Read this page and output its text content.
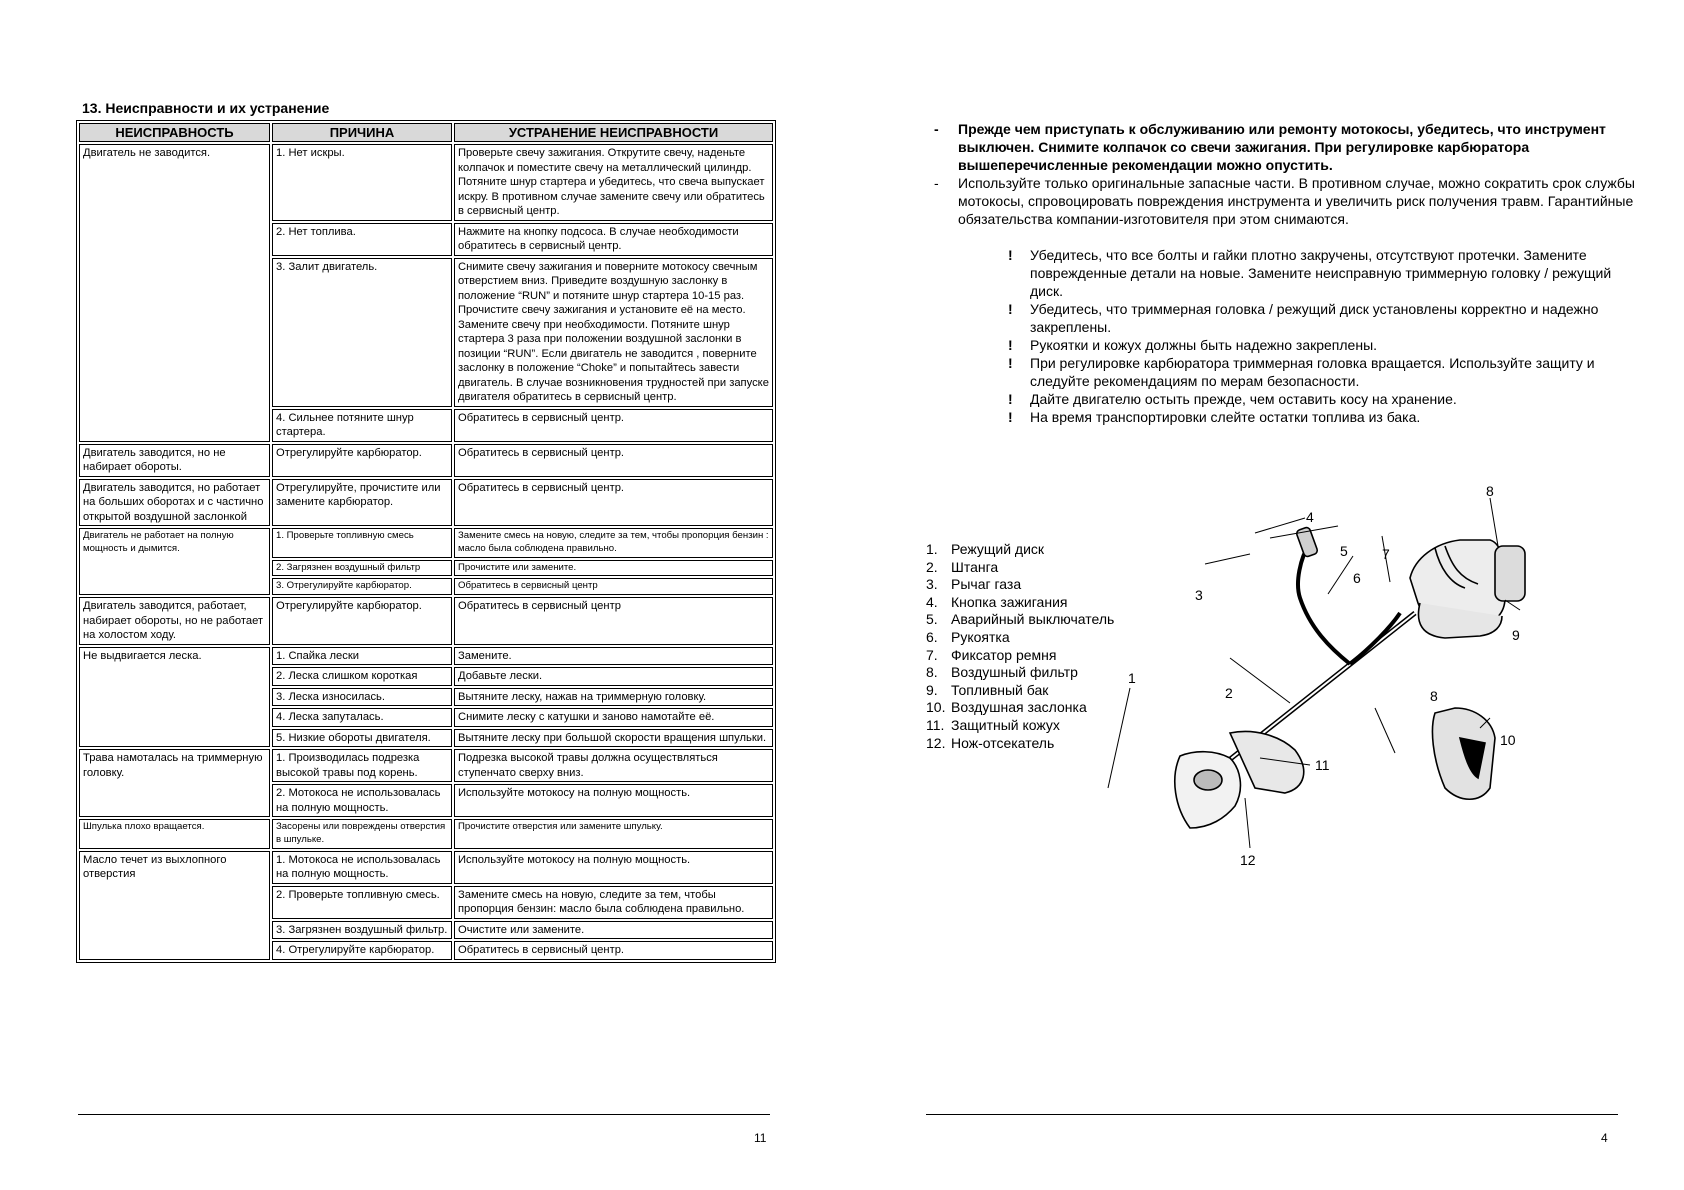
13. Неисправности и их устранение
НЕИСПРАВНОСТЬ	ПРИЧИНА	УСТРАНЕНИЕ НЕИСПРАВНОСТИ
Двигатель не заводится.	1. Нет искры.	Проверьте свечу зажигания. Открутите свечу, наденьте колпачок и поместите свечу на металлический цилиндр. Потяните шнур стартера и убедитесь, что свеча выпускает искру. В противном случае замените свечу или обратитесь в сервисный центр.
	2. Нет топлива.	Нажмите на кнопку подсоса. В случае необходимости обратитесь в сервисный центр.
	3. Залит двигатель.	Снимите свечу зажигания и поверните мотокосу свечным отверстием вниз. Приведите воздушную заслонку в положение “RUN” и потяните шнур стартера 10-15 раз. Прочистите свечу зажигания и установите её на место. Замените свечу при необходимости. Потяните шнур стартера 3 раза при положении воздушной заслонки в позиции “RUN”. Если двигатель не заводится , поверните заслонку в положение “Choke” и попытайтесь завести двигатель. В случае возникновения трудностей при запуске двигателя обратитесь в сервисный центр.
	4. Сильнее потяните шнур стартера.	Обратитесь в сервисный центр.
Двигатель заводится, но не набирает обороты.	Отрегулируйте карбюратор.	Обратитесь в сервисный центр.
Двигатель заводится, но работает на больших оборотах и с частично открытой воздушной заслонкой	Отрегулируйте, прочистите или замените карбюратор.	Обратитесь в сервисный центр.
Двигатель не работает на полную мощность и дымится.	1. Проверьте топливную смесь	Замените смесь на новую, следите за тем, чтобы пропорция бензин : масло была соблюдена правильно.
	2. Загрязнен воздушный фильтр	Прочистите или замените.
	3. Отрегулируйте карбюратор.	Обратитесь в сервисный центр
Двигатель заводится, работает, набирает обороты, но не работает на холостом ходу.	Отрегулируйте карбюратор.	Обратитесь в сервисный центр
Не выдвигается леска.	1. Спайка лески	Замените.
	2. Леска слишком короткая	Добавьте лески.
	3. Леска износилась.	Вытяните леску, нажав на триммерную головку.
	4. Леска запуталась.	Снимите леску с катушки и заново намотайте её.
	5. Низкие обороты двигателя.	Вытяните леску при большой скорости вращения шпульки.
Трава намоталась на триммерную головку.	1. Производилась подрезка высокой травы под корень.	Подрезка высокой травы должна осуществляться ступенчато сверху вниз.
	2. Мотокоса не использовалась на полную мощность.	Используйте мотокосу на полную мощность.
Шпулька плохо вращается.	Засорены или повреждены отверстия в шпульке.	Прочистите отверстия или замените шпульку.
Масло течет из выхлопного отверстия	1. Мотокоса не использовалась на полную мощность.	Используйте мотокосу на полную мощность.
	2. Проверьте топливную смесь.	Замените смесь на новую, следите за тем, чтобы пропорция бензин: масло была соблюдена правильно.
	3. Загрязнен воздушный фильтр.	Очистите или замените.
	4. Отрегулируйте карбюратор.	Обратитесь в сервисный центр.
11
- Прежде чем приступать к обслуживанию или ремонту мотокосы, убедитесь, что инструмент выключен. Снимите колпачок со свечи зажигания. При регулировке карбюратора вышеперечисленные рекомендации можно опустить.
- Используйте только оригинальные запасные части. В противном случае, можно сократить срок службы мотокосы, спровоцировать повреждения инструмента и увеличить риск получения травм. Гарантийные обязательства компании-изготовителя при этом снимаются.
! Убедитесь, что все болты и гайки плотно закручены, отсутствуют протечки. Замените поврежденные детали на новые. Замените неисправную триммерную головку / режущий диск.
! Убедитесь, что триммерная головка / режущий диск установлены корректно и надежно закреплены.
! Рукоятки и кожух должны быть надежно закреплены.
! При регулировке карбюратора триммерная головка вращается. Используйте защиту и следуйте рекомендациям по мерам безопасности.
! Дайте двигателю остыть прежде, чем оставить косу на хранение.
! На время транспортировки слейте остатки топлива из бака.
1. Режущий диск
2. Штанга
3. Рычаг газа
4. Кнопка зажигания
5. Аварийный выключатель
6. Рукоятка
7. Фиксатор ремня
8. Воздушный фильтр
9. Топливный бак
10. Воздушная заслонка
11. Защитный кожух
12. Нож-отсекатель
1
2
3
4
5
6
7
8
9
10
11
12
8
4
